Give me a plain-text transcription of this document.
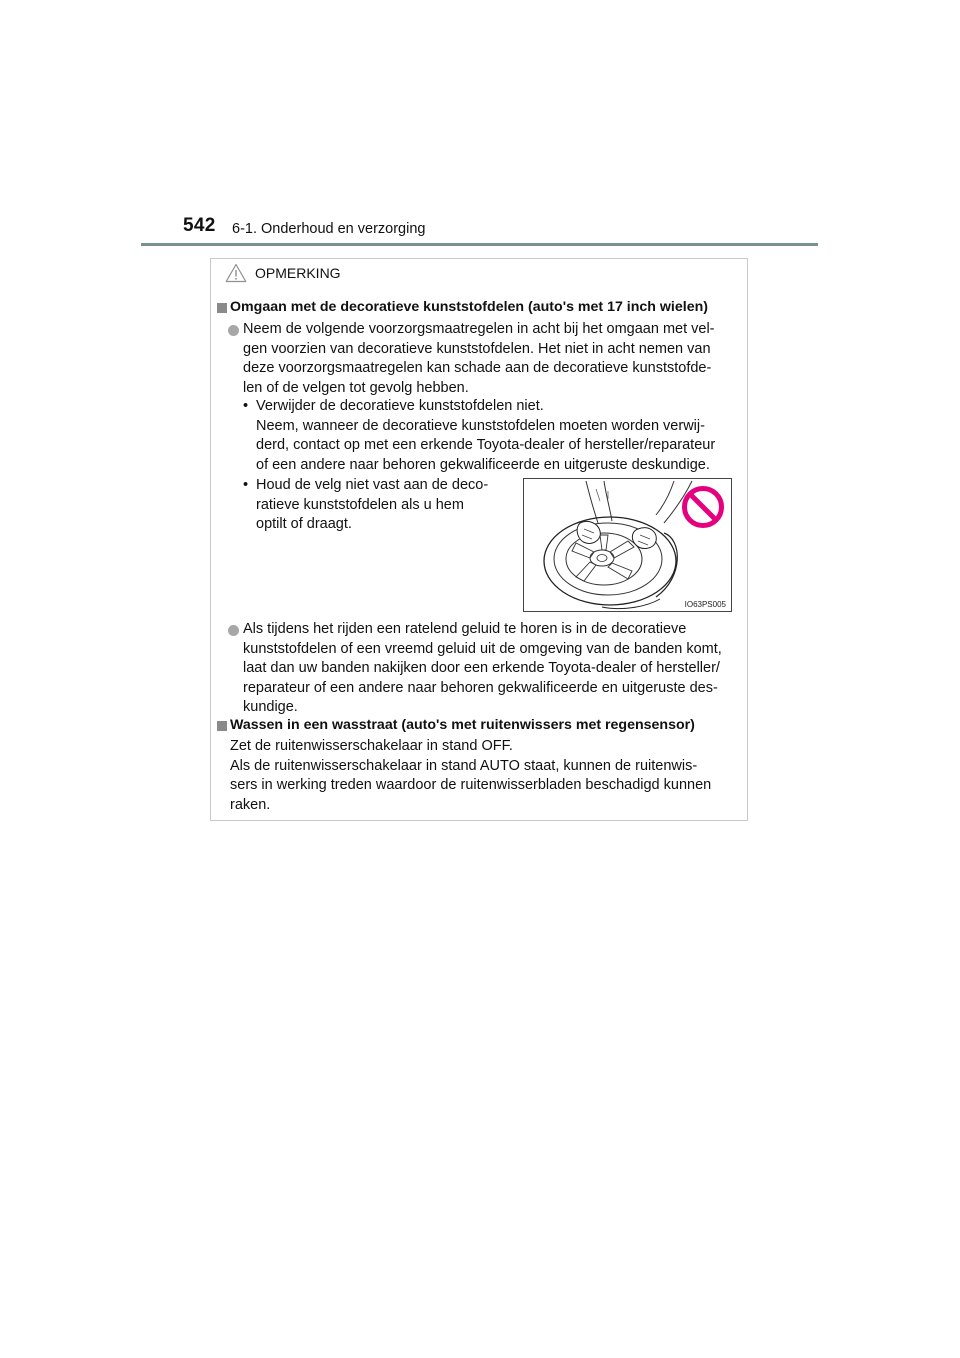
542 6-1. Onderhoud en verzorging
OPMERKING
Omgaan met de decoratieve kunststofdelen (auto's met 17 inch wielen)
Neem de volgende voorzorgsmaatregelen in acht bij het omgaan met vel-
gen voorzien van decoratieve kunststofdelen. Het niet in acht nemen van
deze voorzorgsmaatregelen kan schade aan de decoratieve kunststofde-
len of de velgen tot gevolg hebben.
• Verwijder de decoratieve kunststofdelen niet.
Neem, wanneer de decoratieve kunststofdelen moeten worden verwij-
derd, contact op met een erkende Toyota-dealer of hersteller/reparateur
of een andere naar behoren gekwalificeerde en uitgeruste deskundige.
• Houd de velg niet vast aan de deco-
ratieve kunststofdelen als u hem
optilt of draagt.
IO63PS005
Als tijdens het rijden een ratelend geluid te horen is in de decoratieve
kunststofdelen of een vreemd geluid uit de omgeving van de banden komt,
laat dan uw banden nakijken door een erkende Toyota-dealer of hersteller/
reparateur of een andere naar behoren gekwalificeerde en uitgeruste des-
kundige.
Wassen in een wasstraat (auto's met ruitenwissers met regensensor)
Zet de ruitenwisserschakelaar in stand OFF.
Als de ruitenwisserschakelaar in stand AUTO staat, kunnen de ruitenwis-
sers in werking treden waardoor de ruitenwisserbladen beschadigd kunnen
raken.
